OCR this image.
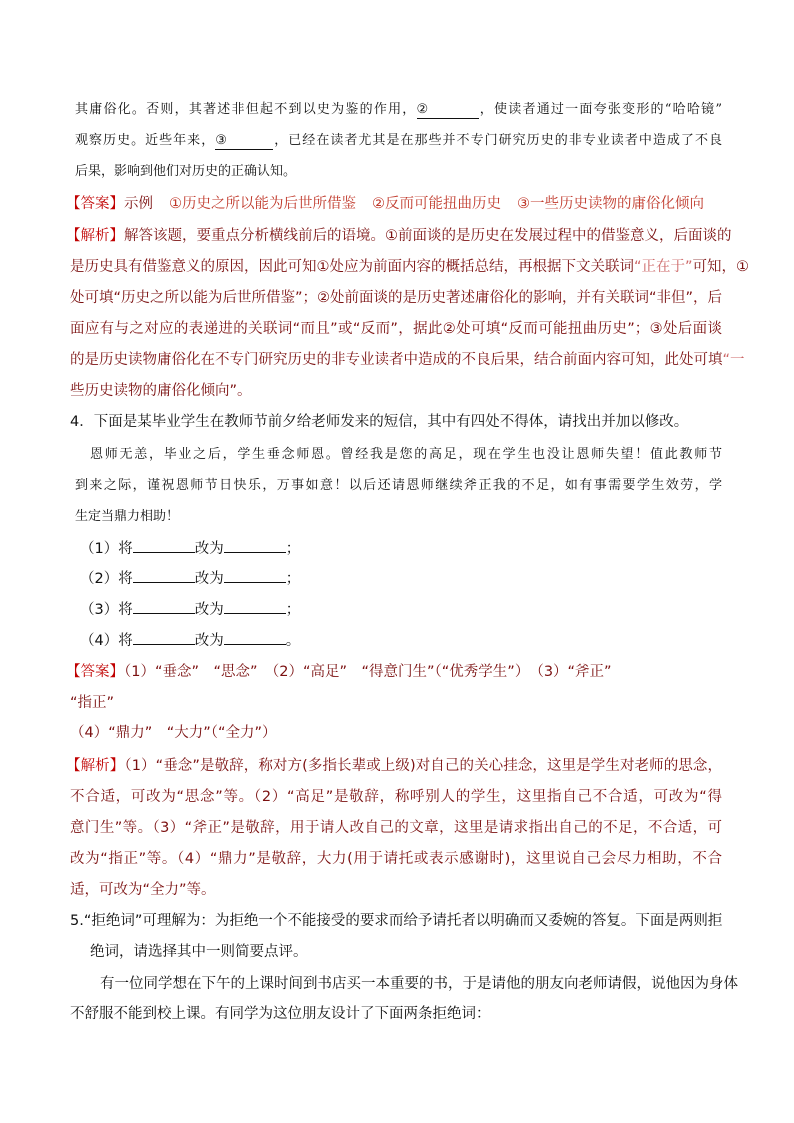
其庸俗化。否则，其著述非但起不到以史为鉴的作用，②	，使读者通过一面夸张变形的“哈哈镜”
观察历史。近些年来，③	，已经在读者尤其是在那些并不专门研究历史的非专业读者中造成了不良
后果，影响到他们对历史的正确认知。
【答案】示例 ①历史之所以能为后世所借鉴 ②反而可能扭曲历史 ③一些历史读物的庸俗化倾向
【解析】解答该题，要重点分析横线前后的语境。①前面谈的是历史在发展过程中的借鉴意义，后面谈的
是历史具有借鉴意义的原因，因此可知①处应为前面内容的概括总结，再根据下文关联词“正在于”可知，①
处可填“历史之所以能为后世所借鉴”；②处前面谈的是历史著述庸俗化的影响，并有关联词“非但”，后
面应有与之对应的表递进的关联词“而且”或“反而”，据此②处可填“反而可能扭曲历史”；③处后面谈
的是历史读物庸俗化在不专门研究历史的非专业读者中造成的不良后果，结合前面内容可知，此处可填“一
些历史读物的庸俗化倾向”。
4．下面是某毕业学生在教师节前夕给老师发来的短信，其中有四处不得体，请找出并加以修改。
恩师无恙，毕业之后，学生垂念师恩。曾经我是您的高足，现在学生也没让恩师失望！值此教师节
到来之际，谨祝恩师节日快乐，万事如意！以后还请恩师继续斧正我的不足，如有事需要学生效劳，学
生定当鼎力相助！
（1）将	改为	；
（2）将	改为	；
（3）将	改为	；
（4）将	改为	。
【答案】（1）“垂念”　“思念”　（2）“高足”　“得意门生”（“优秀学生”）　（3）“斧正”
“指正”
（4）“鼎力”　“大力”（“全力”）
【解析】（1）“垂念”是敬辞，称对方(多指长辈或上级)对自己的关心挂念，这里是学生对老师的思念，
不合适，可改为“思念”等。（2）“高足”是敬辞，称呼别人的学生，这里指自己不合适，可改为“得
意门生”等。（3）“斧正”是敬辞，用于请人改自己的文章，这里是请求指出自己的不足，不合适，可
改为“指正”等。（4）“鼎力”是敬辞，大力(用于请托或表示感谢时)，这里说自己会尽力相助，不合
适，可改为“全力”等。
5.“拒绝词”可理解为：为拒绝一个不能接受的要求而给予请托者以明确而又委婉的答复。下面是两则拒
绝词，请选择其中一则简要点评。
有一位同学想在下午的上课时间到书店买一本重要的书，于是请他的朋友向老师请假，说他因为身体
不舒服不能到校上课。有同学为这位朋友设计了下面两条拒绝词：
